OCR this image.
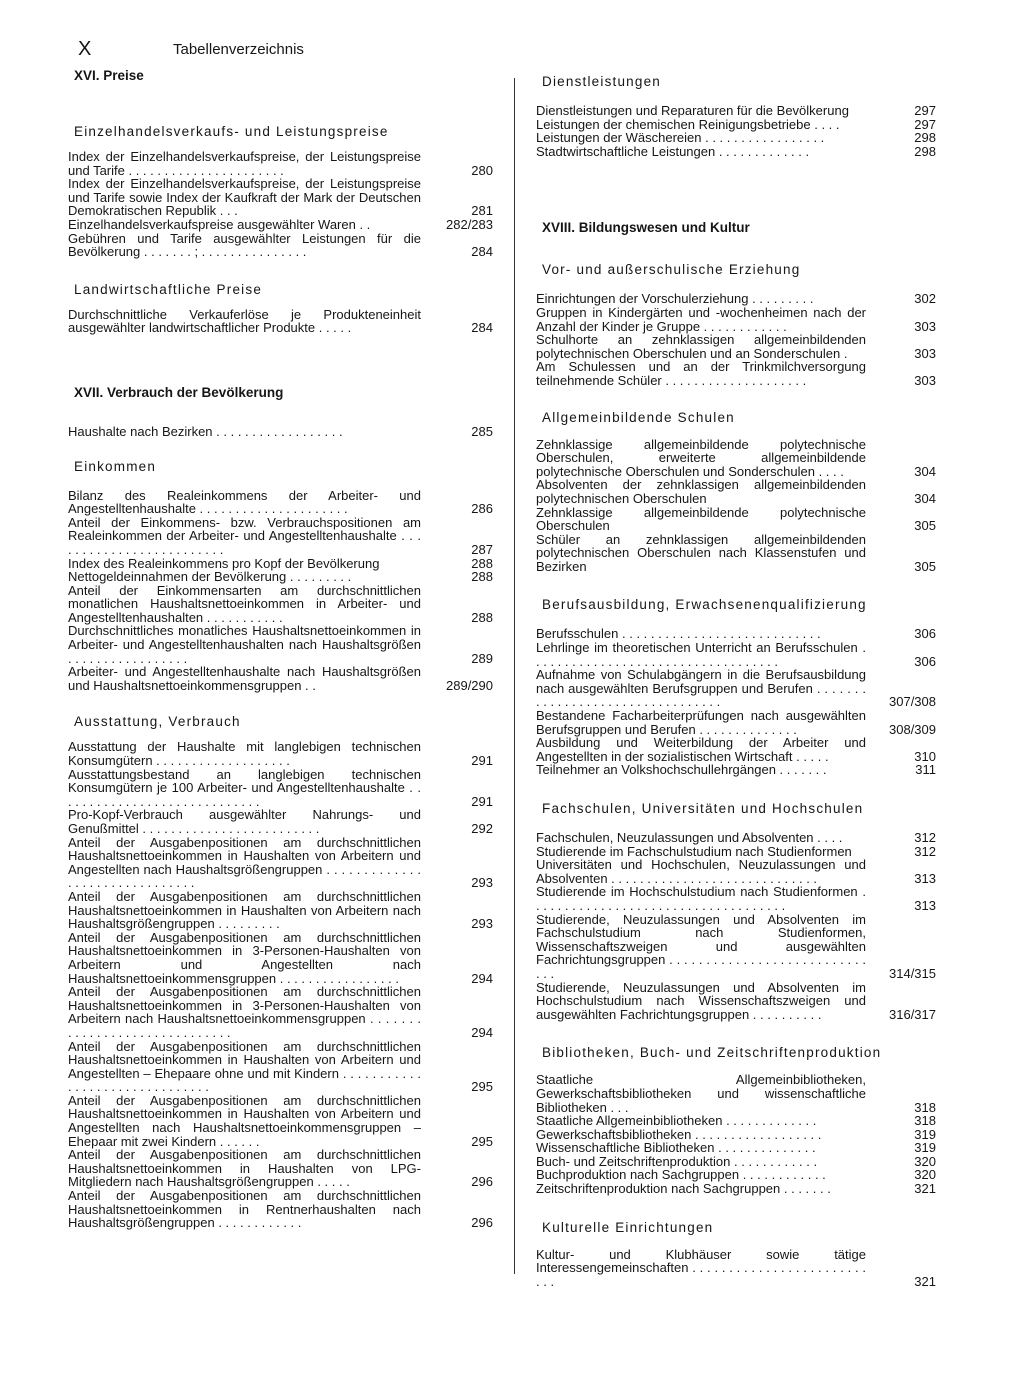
X	Tabellenverzeichnis
XVI. Preise
Einzelhandelsverkaufs- und Leistungspreise
Index der Einzelhandelsverkaufspreise, der Leistungspreise und Tarife . . . . . . . . . . . . . . . . . . . . . .	280
Index der Einzelhandelsverkaufspreise, der Leistungspreise und Tarife sowie Index der Kaufkraft der Mark der Deutschen Demokratischen Republik . . .	281
Einzelhandelsverkaufspreise ausgewählter Waren . .	282/283
Gebühren und Tarife ausgewählter Leistungen für die Bevölkerung . . . . . . . ; . . . . . . . . . . . . . . .	284
Landwirtschaftliche Preise
Durchschnittliche Verkauferlöse je Produkteneinheit ausgewählter landwirtschaftlicher Produkte . . . . .	284
XVII. Verbrauch der Bevölkerung
Haushalte nach Bezirken . . . . . . . . . . . . . . . . . .	285
Einkommen
Bilanz des Realeinkommens der Arbeiter- und Angestelltenhaushalte . . . . . . . . . . . . . . . . . . . . .	286
Anteil der Einkommens- bzw. Verbrauchspositionen am Realeinkommen der Arbeiter- und Angestelltenhaushalte . . . . . . . . . . . . . . . . . . . . . . . . .	287
Index des Realeinkommens pro Kopf der Bevölkerung	288
Nettogeldeinnahmen der Bevölkerung . . . . . . . . .	288
Anteil der Einkommensarten am durchschnittlichen monatlichen Haushaltsnettoeinkommen in Arbeiter- und Angestelltenhaushalten . . . . . . . . . . .	288
Durchschnittliches monatliches Haushaltsnettoeinkommen in Arbeiter- und Angestelltenhaushalten nach Haushaltsgrößen . . . . . . . . . . . . . . . . .	289
Arbeiter- und Angestelltenhaushalte nach Haushaltsgrößen und Haushaltsnettoeinkommensgruppen . .	289/290
Ausstattung, Verbrauch
Ausstattung der Haushalte mit langlebigen technischen Konsumgütern . . . . . . . . . . . . . . . . . . .	291
Ausstattungsbestand an langlebigen technischen Konsumgütern je 100 Arbeiter- und Angestelltenhaushalte . . . . . . . . . . . . . . . . . . . . . . . . . . . . .	291
Pro-Kopf-Verbrauch ausgewählter Nahrungs- und Genußmittel . . . . . . . . . . . . . . . . . . . . . . . . .	292
Anteil der Ausgabenpositionen am durchschnittlichen Haushaltsnettoeinkommen in Haushalten von Arbeitern und Angestellten nach Haushaltsgrößengruppen . . . . . . . . . . . . . . . . . . . . . . . . . . . . . . .	293
Anteil der Ausgabenpositionen am durchschnittlichen Haushaltsnettoeinkommen in Haushalten von Arbeitern nach Haushaltsgrößengruppen . . . . . . . . .	293
Anteil der Ausgabenpositionen am durchschnittlichen Haushaltsnettoeinkommen in 3-Personen-Haushalten von Arbeitern und Angestellten nach Haushaltsnettoeinkommensgruppen . . . . . . . . . . . . . . . . .	294
Anteil der Ausgabenpositionen am durchschnittlichen Haushaltsnettoeinkommen in 3-Personen-Haushalten von Arbeitern nach Haushaltsnettoeinkommensgruppen . . . . . . . . . . . . . . . . . . . . . . . . . . . . . .	294
Anteil der Ausgabenpositionen am durchschnittlichen Haushaltsnettoeinkommen in Haushalten von Arbeitern und Angestellten – Ehepaare ohne und mit Kindern . . . . . . . . . . . . . . . . . . . . . . . . . . . . . . .	295
Anteil der Ausgabenpositionen am durchschnittlichen Haushaltsnettoeinkommen in Haushalten von Arbeitern und Angestellten nach Haushaltsnettoeinkommensgruppen – Ehepaar mit zwei Kindern . . . . . .	295
Anteil der Ausgabenpositionen am durchschnittlichen Haushaltsnettoeinkommen in Haushalten von LPG-Mitgliedern nach Haushaltsgrößengruppen . . . . .	296
Anteil der Ausgabenpositionen am durchschnittlichen Haushaltsnettoeinkommen in Rentnerhaushalten nach Haushaltsgrößengruppen . . . . . . . . . . . .	296
Dienstleistungen
Dienstleistungen und Reparaturen für die Bevölkerung	297
Leistungen der chemischen Reinigungsbetriebe . . . .	297
Leistungen der Wäschereien . . . . . . . . . . . . . . . . .	298
Stadtwirtschaftliche Leistungen . . . . . . . . . . . . .	298
XVIII. Bildungswesen und Kultur
Vor- und außerschulische Erziehung
Einrichtungen der Vorschulerziehung . . . . . . . . .	302
Gruppen in Kindergärten und -wochenheimen nach der Anzahl der Kinder je Gruppe . . . . . . . . . . . .	303
Schulhorte an zehnklassigen allgemeinbildenden polytechnischen Oberschulen und an Sonderschulen .	303
Am Schulessen und an der Trinkmilchversorgung teilnehmende Schüler . . . . . . . . . . . . . . . . . . . .	303
Allgemeinbildende Schulen
Zehnklassige allgemeinbildende polytechnische Oberschulen, erweiterte allgemeinbildende polytechnische Oberschulen und Sonderschulen . . . .	304
Absolventen der zehnklassigen allgemeinbildenden polytechnischen Oberschulen	304
Zehnklassige allgemeinbildende polytechnische Oberschulen	305
Schüler an zehnklassigen allgemeinbildenden polytechnischen Oberschulen nach Klassenstufen und Bezirken	305
Berufsausbildung, Erwachsenenqualifizierung
Berufsschulen . . . . . . . . . . . . . . . . . . . . . . . . . . . .	306
Lehrlinge im theoretischen Unterricht an Berufsschulen . . . . . . . . . . . . . . . . . . . . . . . . . . . . . . . . . . .	306
Aufnahme von Schulabgängern in die Berufsausbildung nach ausgewählten Berufsgruppen und Berufen . . . . . . . . . . . . . . . . . . . . . . . . . . . . . . . . .	307/308
Bestandene Facharbeiterprüfungen nach ausgewählten Berufsgruppen und Berufen . . . . . . . . . . . . . .	308/309
Ausbildung und Weiterbildung der Arbeiter und Angestellten in der sozialistischen Wirtschaft . . . . .	310
Teilnehmer an Volkshochschullehrgängen . . . . . . .	311
Fachschulen, Universitäten und Hochschulen
Fachschulen, Neuzulassungen und Absolventen . . . .	312
Studierende im Fachschulstudium nach Studienformen	312
Universitäten und Hochschulen, Neuzulassungen und Absolventen . . . . . . . . . . . . . . . . . . . . . . . . . . . . .	313
Studierende im Hochschulstudium nach Studienformen . . . . . . . . . . . . . . . . . . . . . . . . . . . . . . . . . . . .	313
Studierende, Neuzulassungen und Absolventen im Fachschulstudium nach Studienformen, Wissenschaftszweigen und ausgewählten Fachrichtungsgruppen . . . . . . . . . . . . . . . . . . . . . . . . . . . . . .	314/315
Studierende, Neuzulassungen und Absolventen im Hochschulstudium nach Wissenschaftszweigen und ausgewählten Fachrichtungsgruppen . . . . . . . . . .	316/317
Bibliotheken, Buch- und Zeitschriftenproduktion
Staatliche Allgemeinbibliotheken, Gewerkschaftsbibliotheken und wissenschaftliche Bibliotheken . . .	318
Staatliche Allgemeinbibliotheken . . . . . . . . . . . . .	318
Gewerkschaftsbibliotheken . . . . . . . . . . . . . . . . . .	319
Wissenschaftliche Bibliotheken . . . . . . . . . . . . . .	319
Buch- und Zeitschriftenproduktion . . . . . . . . . . . .	320
Buchproduktion nach Sachgruppen . . . . . . . . . . . .	320
Zeitschriftenproduktion nach Sachgruppen . . . . . . .	321
Kulturelle Einrichtungen
Kultur- und Klubhäuser sowie tätige Interessengemeinschaften . . . . . . . . . . . . . . . . . . . . . . . . . . .	321
